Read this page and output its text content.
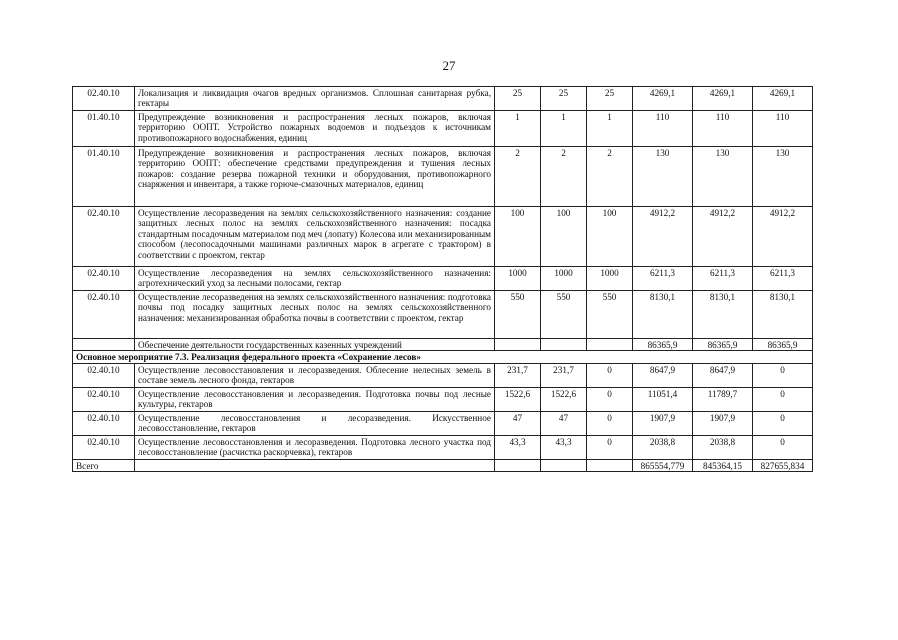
27
02.40.10	Локализация и ликвидация очагов вредных организмов. Сплошная санитарная рубка, гектары	25	25	25	4269,1	4269,1	4269,1
01.40.10	Предупреждение возникновения и распространения лесных пожаров, включая территорию ООПТ. Устройство пожарных водоемов и подъездов к источникам противопожарного водоснабжения, единиц	1	1	1	110	110	110
01.40.10	Предупреждение возникновения и распространения лесных пожаров, включая территорию ООПТ: обеспечение средствами предупреждения и тушения лесных пожаров: создание резерва пожарной техники и оборудования, противопожарного снаряжения и инвентаря, а также горюче-смазочных материалов, единиц	2	2	2	130	130	130
02.40.10	Осуществление лесоразведения на землях сельскохозяйственного назначения: создание защитных лесных полос на землях сельскохозяйственного назначения: посадка стандартным посадочным материалом под меч (лопату) Колесова или механизированным способом (лесопосадочными машинами различных марок в агрегате с трактором) в соответствии с проектом, гектар	100	100	100	4912,2	4912,2	4912,2
02.40.10	Осуществление лесоразведения на землях сельскохозяйственного назначения: агротехнический уход за лесными полосами, гектар	1000	1000	1000	6211,3	6211,3	6211,3
02.40.10	Осуществление лесоразведения на землях сельскохозяйственного назначения: подготовка почвы под посадку защитных лесных полос на землях сельскохозяйственного назначения: механизированная обработка почвы в соответствии с проектом, гектар	550	550	550	8130,1	8130,1	8130,1
	Обеспечение деятельности государственных казенных учреждений				86365,9	86365,9	86365,9
Основное мероприятие 7.3. Реализация федерального проекта «Сохранение лесов»							
02.40.10	Осуществление лесовосстановления и лесоразведения. Облесение нелесных земель в составе земель лесного фонда, гектаров	231,7	231,7	0	8647,9	8647,9	0
02.40.10	Осуществление лесовосстановления и лесоразведения. Подготовка почвы под лесные культуры, гектаров	1522,6	1522,6	0	11051,4	11789,7	0
02.40.10	Осуществление лесовосстановления и лесоразведения. Искусственное лесовосстановление, гектаров	47	47	0	1907,9	1907,9	0
02.40.10	Осуществление лесовосстановления и лесоразведения. Подготовка лесного участка под лесовосстановление (расчистка раскорчевка), гектаров	43,3	43,3	0	2038,8	2038,8	0
Всего					865554,779	845364,15	827655,834
